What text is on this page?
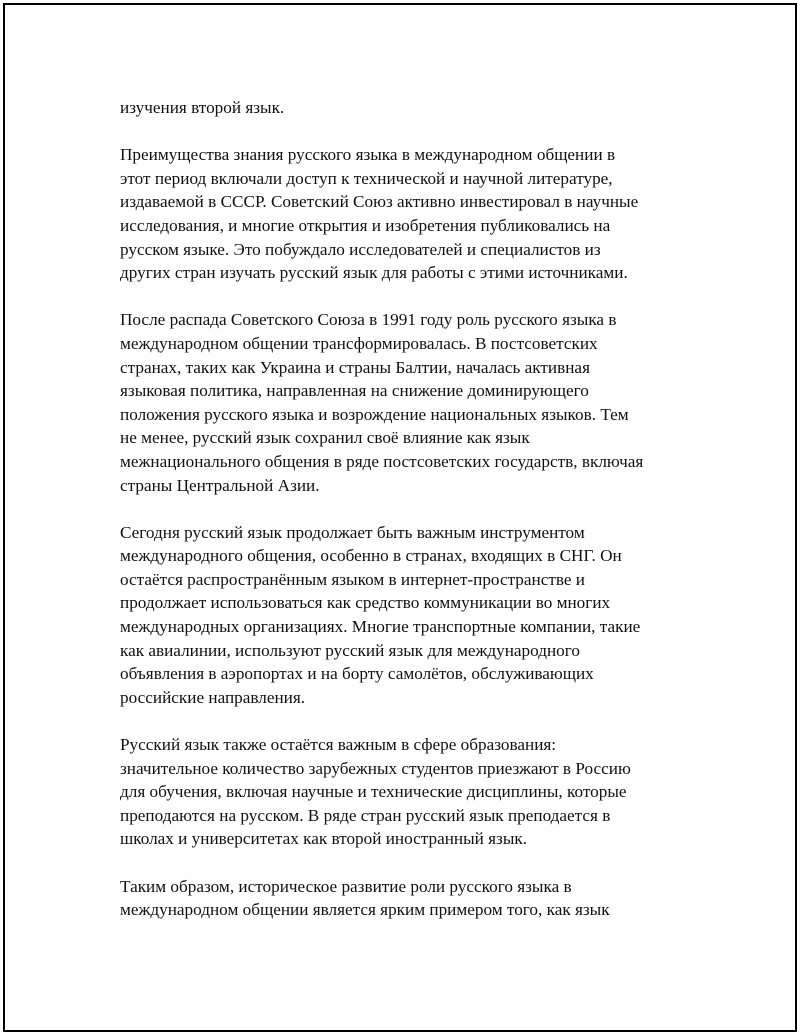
изучения второй язык.

Преимущества знания русского языка в международном общении в
этот период включали доступ к технической и научной литературе,
издаваемой в СССР. Советский Союз активно инвестировал в научные
исследования, и многие открытия и изобретения публиковались на
русском языке. Это побуждало исследователей и специалистов из
других стран изучать русский язык для работы с этими источниками.

После распада Советского Союза в 1991 году роль русского языка в
международном общении трансформировалась. В постсоветских
странах, таких как Украина и страны Балтии, началась активная
языковая политика, направленная на снижение доминирующего
положения русского языка и возрождение национальных языков. Тем
не менее, русский язык сохранил своё влияние как язык
межнационального общения в ряде постсоветских государств, включая
страны Центральной Азии.

Сегодня русский язык продолжает быть важным инструментом
международного общения, особенно в странах, входящих в СНГ. Он
остаётся распространённым языком в интернет-пространстве и
продолжает использоваться как средство коммуникации во многих
международных организациях. Многие транспортные компании, такие
как авиалинии, используют русский язык для международного
объявления в аэропортах и на борту самолётов, обслуживающих
российские направления.

Русский язык также остаётся важным в сфере образования:
значительное количество зарубежных студентов приезжают в Россию
для обучения, включая научные и технические дисциплины, которые
преподаются на русском. В ряде стран русский язык преподается в
школах и университетах как второй иностранный язык.

Таким образом, историческое развитие роли русского языка в
международном общении является ярким примером того, как язык
